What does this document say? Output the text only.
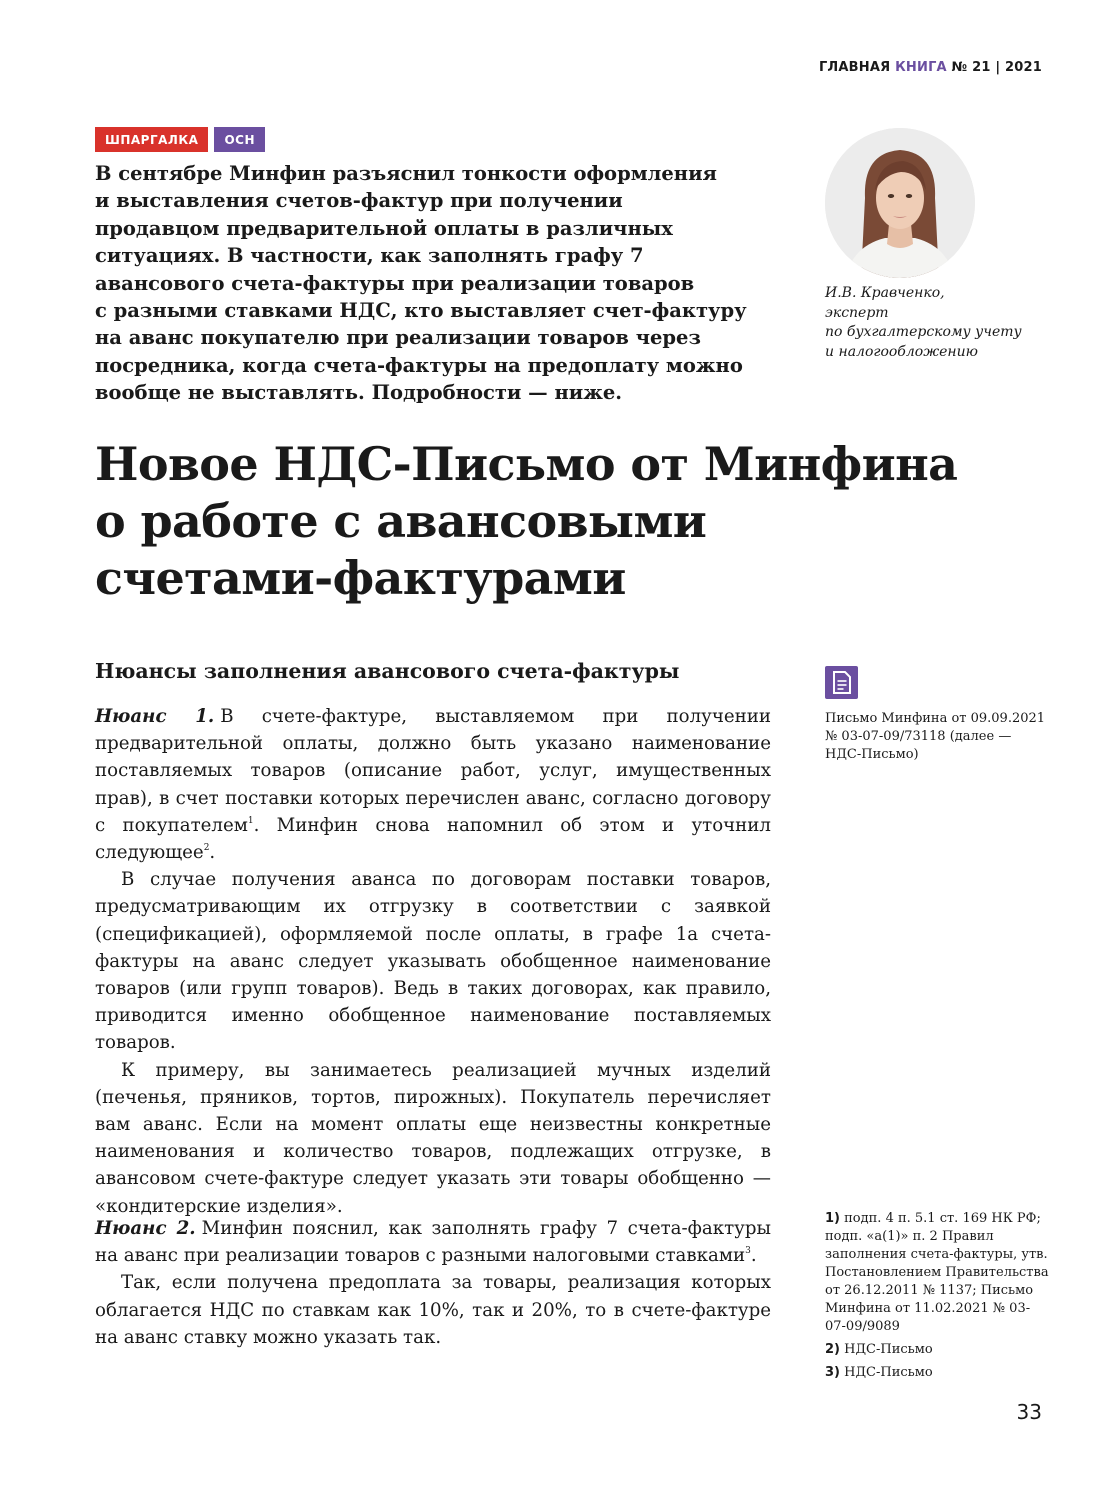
ГЛАВНАЯ КНИГА № 21 | 2021
ШПАРГАЛКА	ОСН

В сентябре Минфин разъяснил тонкости оформления
и выставления счетов-фактур при получении
продавцом предварительной оплаты в различных
ситуациях. В частности, как заполнять графу 7
авансового счета-фактуры при реализации товаров
с разными ставками НДС, кто выставляет счет-фактуру
на аванс покупателю при реализации товаров через
посредника, когда счета-фактуры на предоплату можно
вообще не выставлять. Подробности — ниже.

И.В. Кравченко,
эксперт
по бухгалтерскому учету
и налогообложению

Новое НДС-Письмо от Минфина
о работе с авансовыми
счетами-фактурами
Нюансы заполнения авансового счета-фактуры

Письмо Минфина от 09.09.2021
№ 03-07-09/73118 (далее —
НДС-Письмо)

Нюанс 1. В счете-фактуре, выставляемом при получении предварительной оплаты, должно быть указано наименование поставляемых товаров (описание работ, услуг, имущественных прав), в счет поставки которых перечислен аванс, согласно договору с покупателем$^1$. Минфин снова напомнил об этом и уточнил следующее$^2$.

В случае получения аванса по договорам поставки товаров, предусматривающим их отгрузку в соответствии с заявкой (спецификацией), оформляемой после оплаты, в графе 1а счета-фактуры на аванс следует указывать обобщенное наименование товаров (или групп товаров). Ведь в таких договорах, как правило, приводится именно обобщенное наименование поставляемых товаров.

К примеру, вы занимаетесь реализацией мучных изделий (печенья, пряников, тортов, пирожных). Покупатель перечисляет вам аванс. Если на момент оплаты еще неизвестны конкретные наименования и количество товаров, подлежащих отгрузке, в авансовом счете-фактуре следует указать эти товары обобщенно — «кондитерские изделия».

Нюанс 2. Минфин пояснил, как заполнять графу 7 счета-фактуры на аванс при реализации товаров с разными налоговыми ставками$^3$.

Так, если получена предоплата за товары, реализация которых облагается НДС по ставкам как 10%, так и 20%, то в счете-фактуре на аванс ставку можно указать так.

1) подп. 4 п. 5.1 ст. 169 НК РФ; подп. «а(1)» п. 2 Правил заполнения счета-фактуры, утв. Постановлением Правительства от 26.12.2011 № 1137; Письмо Минфина от 11.02.2021 № 03-07-09/9089

2) НДС-Письмо

3) НДС-Письмо

33
